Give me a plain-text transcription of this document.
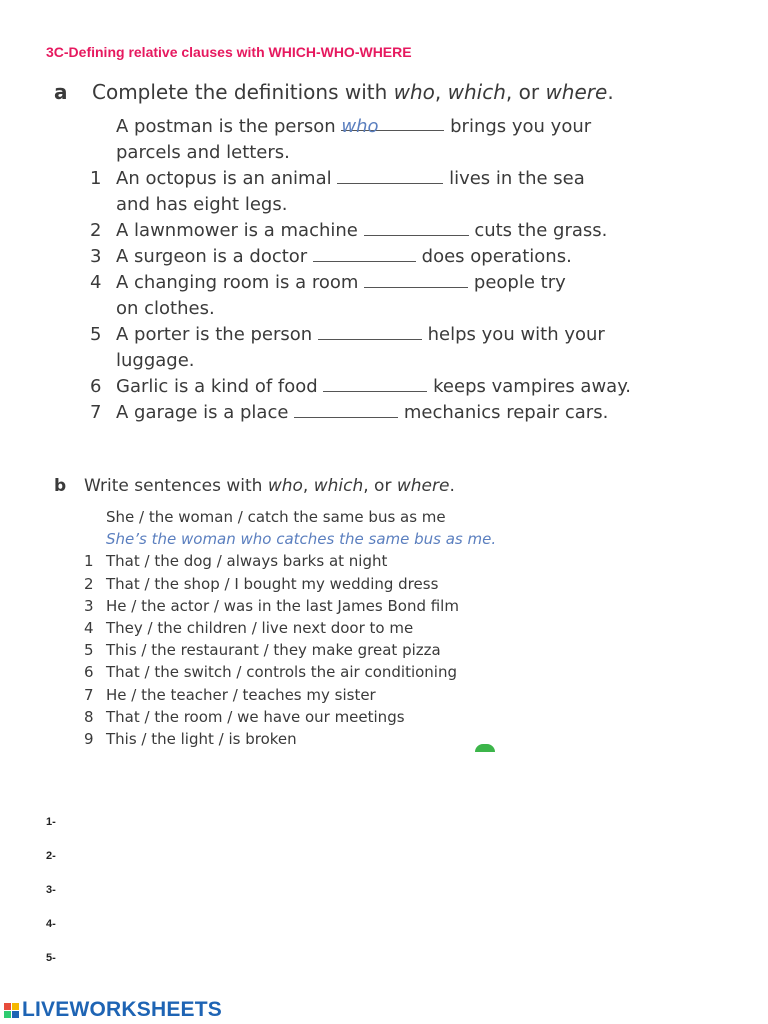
3C-Defining relative clauses with WHICH-WHO-WHERE
a	Complete the definitions with who, which, or where.
A postman is the person who	brings you your
parcels and letters.
1 An octopus is an animal	lives in the sea
and has eight legs.
2 A lawnmower is a machine	cuts the grass.
3 A surgeon is a doctor	does operations.
4 A changing room is a room	people try
on clothes.
5 A porter is the person	helps you with your
luggage.
6 Garlic is a kind of food	keeps vampires away.
7 A garage is a place	mechanics repair cars.
b	Write sentences with who, which, or where.
She / the woman / catch the same bus as me
She’s the woman who catches the same bus as me.
1 That / the dog / always barks at night
2 That / the shop / I bought my wedding dress
3 He / the actor / was in the last James Bond film
4 They / the children / live next door to me
5 This / the restaurant / they make great pizza
6 That / the switch / controls the air conditioning
7 He / the teacher / teaches my sister
8 That / the room / we have our meetings
9 This / the light / is broken
1-
2-
3-
4-
5-
LIVEWORKSHEETS
